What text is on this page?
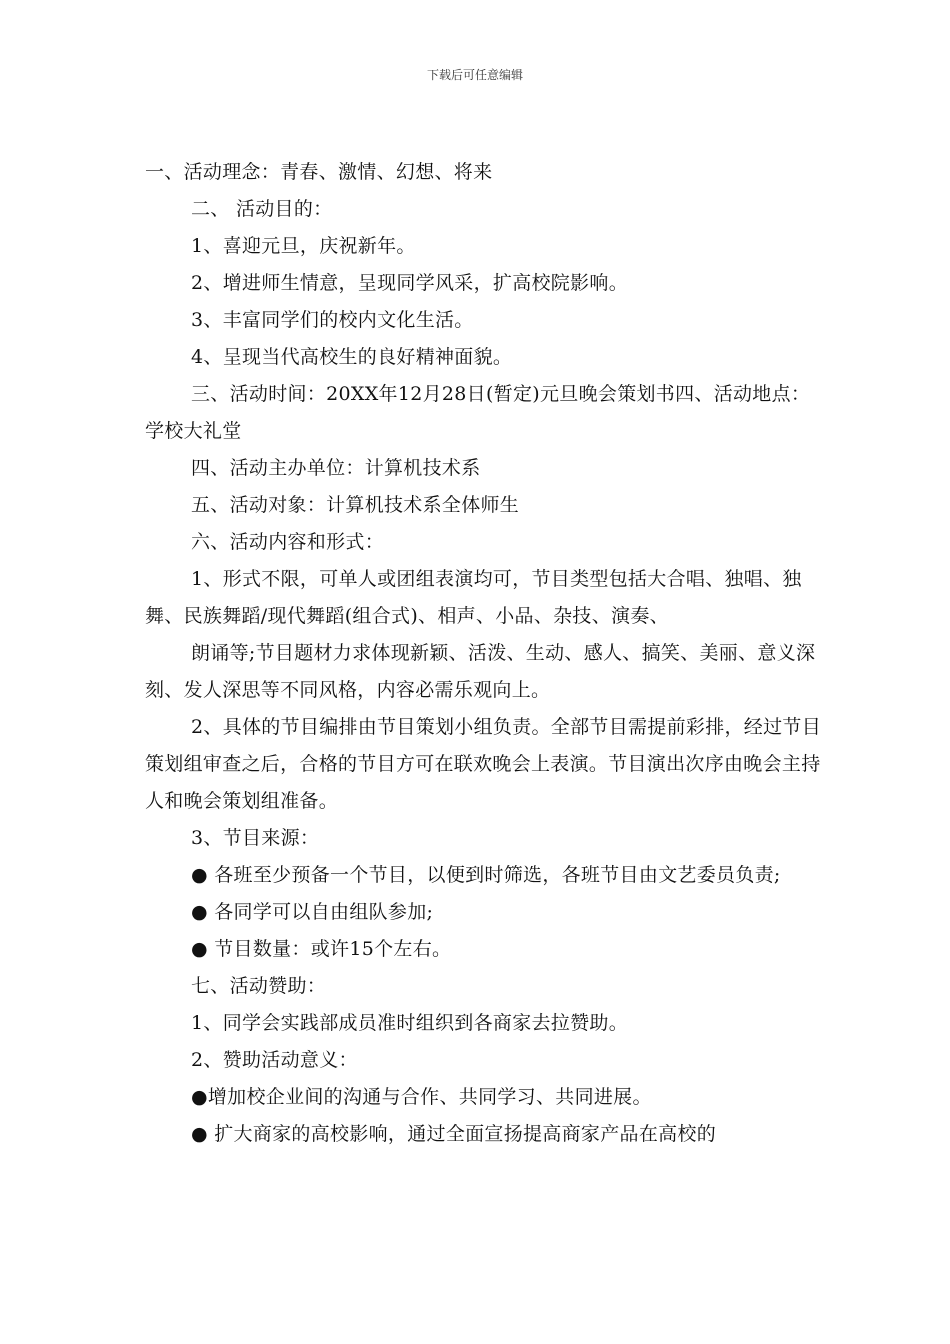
下载后可任意编辑

一、活动理念：青春、激情、幻想、将来

二、 活动目的：

1、喜迎元旦，庆祝新年。

2、增进师生情意，呈现同学风采，扩高校院影响。

3、丰富同学们的校内文化生活。

4、呈现当代高校生的良好精神面貌。

三、活动时间：20XX年12月28日(暂定)元旦晚会策划书四、活动地点：学校大礼堂

四、活动主办单位：计算机技术系

五、活动对象：计算机技术系全体师生

六、活动内容和形式：

1、形式不限，可单人或团组表演均可，节目类型包括大合唱、独唱、独舞、民族舞蹈/现代舞蹈(组合式)、相声、小品、杂技、演奏、

朗诵等;节目题材力求体现新颖、活泼、生动、感人、搞笑、美丽、意义深刻、发人深思等不同风格，内容必需乐观向上。

2、具体的节目编排由节目策划小组负责。全部节目需提前彩排，经过节目策划组审查之后，合格的节目方可在联欢晚会上表演。节目演出次序由晚会主持人和晚会策划组准备。

3、节目来源：

● 各班至少预备一个节目，以便到时筛选，各班节目由文艺委员负责;

● 各同学可以自由组队参加;

● 节目数量：或许15个左右。

七、活动赞助：

1、同学会实践部成员准时组织到各商家去拉赞助。

2、赞助活动意义：

●增加校企业间的沟通与合作、共同学习、共同进展。

● 扩大商家的高校影响，通过全面宣扬提高商家产品在高校的
